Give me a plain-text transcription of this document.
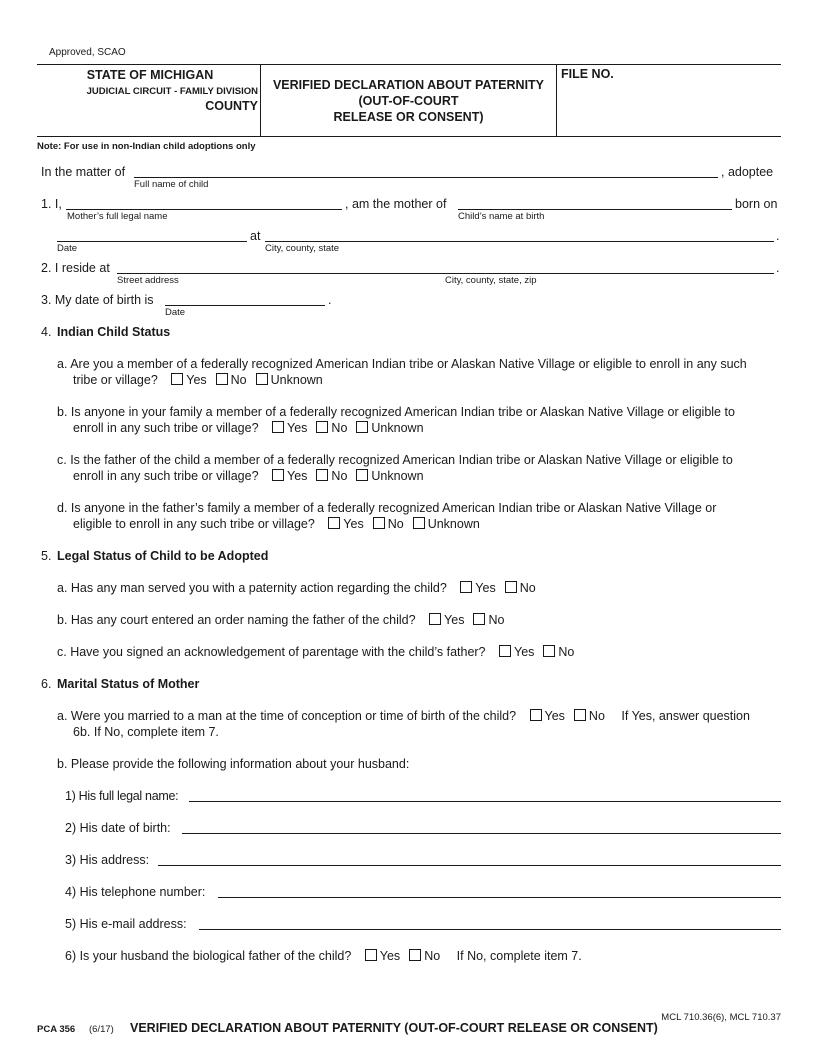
Approved, SCAO
STATE OF MICHIGAN
JUDICIAL CIRCUIT - FAMILY DIVISION
COUNTY
VERIFIED DECLARATION ABOUT PATERNITY
(OUT-OF-COURT
RELEASE OR CONSENT)
FILE NO.
Note: For use in non-Indian child adoptions only
In the matter of	, adoptee
Full name of child
1. I,	, am the mother of	born on
Mother’s full legal name	Child’s name at birth
at	.
Date	City, county, state
2. I reside at	.
Street address	City, county, state, zip
3. My date of birth is	.
Date
4. Indian Child Status
a. Are you a member of a federally recognized American Indian tribe or Alaskan Native Village or eligible to enroll in any such
tribe or village? Yes No Unknown
b. Is anyone in your family a member of a federally recognized American Indian tribe or Alaskan Native Village or eligible to
enroll in any such tribe or village? Yes No Unknown
c. Is the father of the child a member of a federally recognized American Indian tribe or Alaskan Native Village or eligible to
enroll in any such tribe or village? Yes No Unknown
d. Is anyone in the father’s family a member of a federally recognized American Indian tribe or Alaskan Native Village or
eligible to enroll in any such tribe or village? Yes No Unknown
5. Legal Status of Child to be Adopted
a. Has any man served you with a paternity action regarding the child? Yes No
b. Has any court entered an order naming the father of the child? Yes No
c. Have you signed an acknowledgement of parentage with the child’s father? Yes No
6. Marital Status of Mother
a. Were you married to a man at the time of conception or time of birth of the child? Yes No If Yes, answer question
6b. If No, complete item 7.
b. Please provide the following information about your husband:
1) His full legal name:
2) His date of birth:
3) His address:
4) His telephone number:
5) His e-mail address:
6) Is your husband the biological father of the child? Yes No If No, complete item 7.
MCL 710.36(6), MCL 710.37
PCA 356 (6/17) VERIFIED DECLARATION ABOUT PATERNITY (OUT-OF-COURT RELEASE OR CONSENT)
